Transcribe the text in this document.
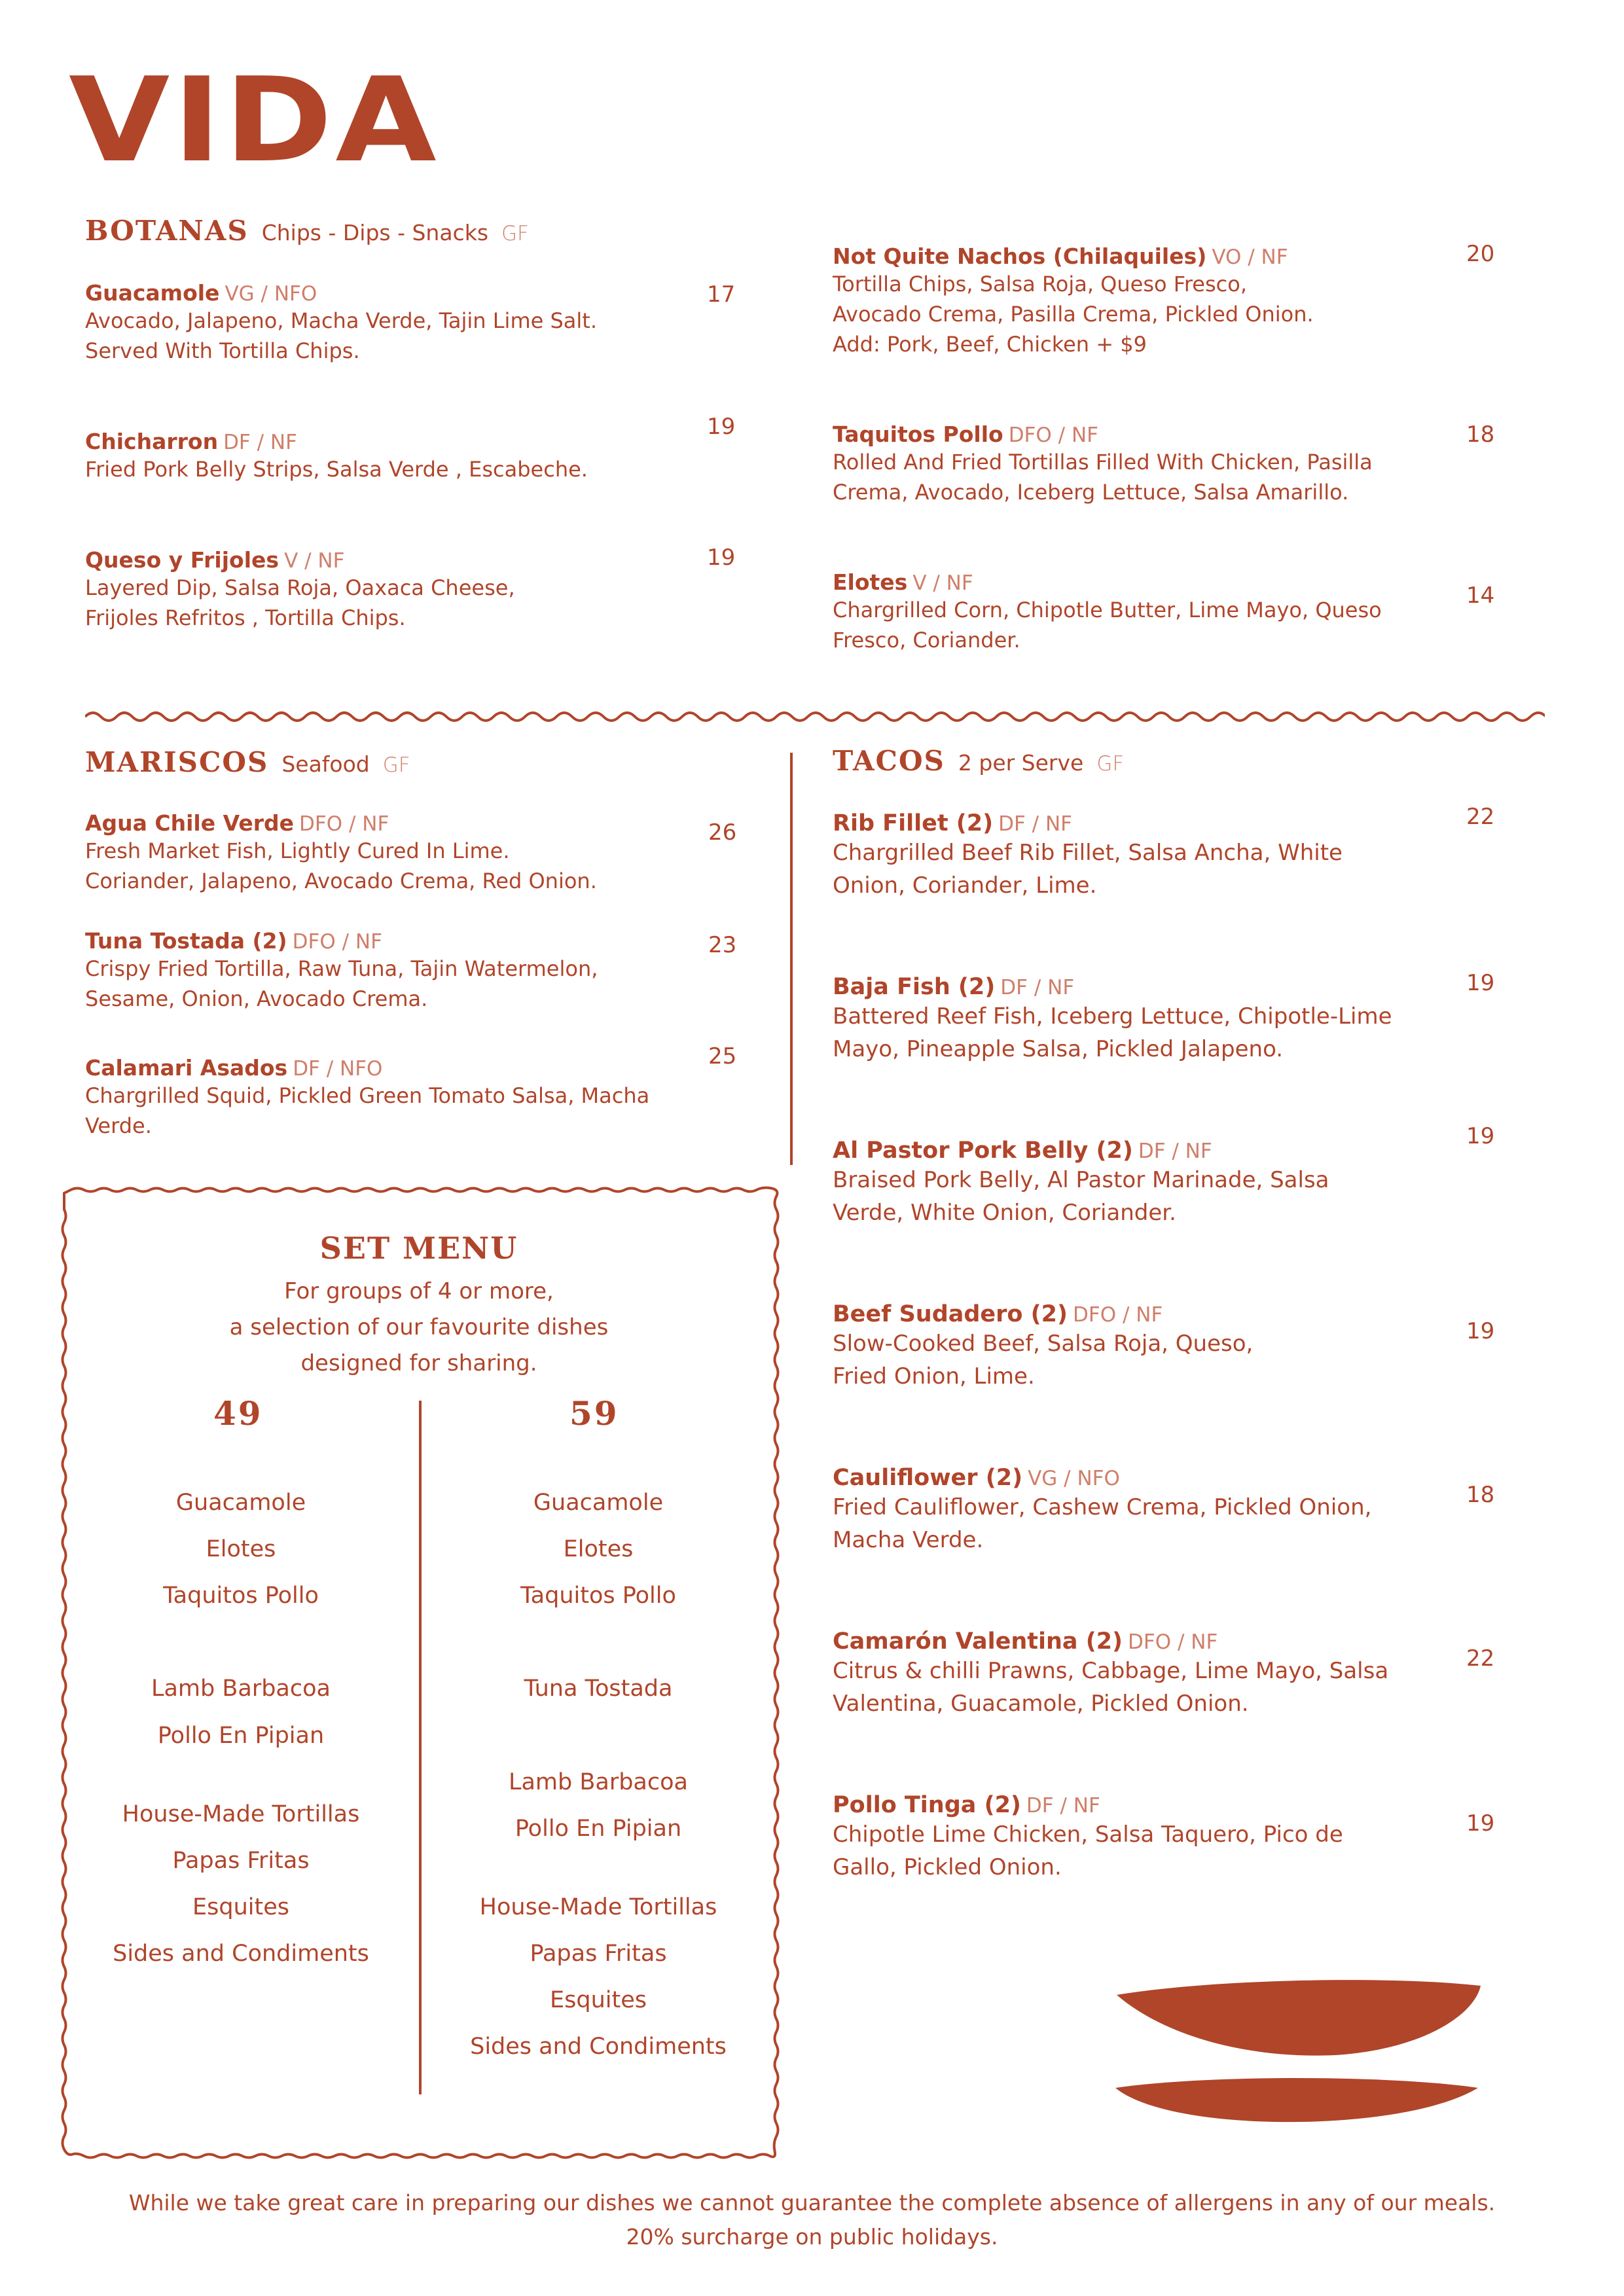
VIDA
BOTANAS Chips - Dips - Snacks GF
Guacamole VG / NFO
Avocado, Jalapeno, Macha Verde, Tajin Lime Salt.
Served With Tortilla Chips.
17
Chicharron DF / NF
Fried Pork Belly Strips, Salsa Verde , Escabeche.
19
Queso y Frijoles V / NF
Layered Dip, Salsa Roja, Oaxaca Cheese,
Frijoles Refritos , Tortilla Chips.
19
Not Quite Nachos (Chilaquiles) VO / NF
Tortilla Chips, Salsa Roja, Queso Fresco,
Avocado Crema, Pasilla Crema, Pickled Onion.
Add: Pork, Beef, Chicken + $9
20
Taquitos Pollo DFO / NF
Rolled And Fried Tortillas Filled With Chicken, Pasilla
Crema, Avocado, Iceberg Lettuce, Salsa Amarillo.
18
Elotes V / NF
Chargrilled Corn, Chipotle Butter, Lime Mayo, Queso
Fresco, Coriander.
14
MARISCOS Seafood GF
Agua Chile Verde DFO / NF
Fresh Market Fish, Lightly Cured In Lime.
Coriander, Jalapeno, Avocado Crema, Red Onion.
26
Tuna Tostada (2) DFO / NF
Crispy Fried Tortilla, Raw Tuna, Tajin Watermelon,
Sesame, Onion, Avocado Crema.
23
Calamari Asados DF / NFO
Chargrilled Squid, Pickled Green Tomato Salsa, Macha
Verde.
25
TACOS 2 per Serve GF
Rib Fillet (2) DF / NF
Chargrilled Beef Rib Fillet, Salsa Ancha, White
Onion, Coriander, Lime.
22
Baja Fish (2) DF / NF
Battered Reef Fish, Iceberg Lettuce, Chipotle-Lime
Mayo, Pineapple Salsa, Pickled Jalapeno.
19
Al Pastor Pork Belly (2) DF / NF
Braised Pork Belly, Al Pastor Marinade, Salsa
Verde, White Onion, Coriander.
19
Beef Sudadero (2) DFO / NF
Slow-Cooked Beef, Salsa Roja, Queso,
Fried Onion, Lime.
19
Cauliflower (2) VG / NFO
Fried Cauliflower, Cashew Crema, Pickled Onion,
Macha Verde.
18
Camarón Valentina (2) DFO / NF
Citrus & chilli Prawns, Cabbage, Lime Mayo, Salsa
Valentina, Guacamole, Pickled Onion.
22
Pollo Tinga (2) DF / NF
Chipotle Lime Chicken, Salsa Taquero, Pico de
Gallo, Pickled Onion.
19
SET MENU
For groups of 4 or more,
a selection of our favourite dishes
designed for sharing.
49	59
Guacamole
Elotes
Taquitos Pollo
Lamb Barbacoa
Pollo En Pipian
House-Made Tortillas
Papas Fritas
Esquites
Sides and Condiments
Guacamole
Elotes
Taquitos Pollo
Tuna Tostada
Lamb Barbacoa
Pollo En Pipian
House-Made Tortillas
Papas Fritas
Esquites
Sides and Condiments
While we take great care in preparing our dishes we cannot guarantee the complete absence of allergens in any of our meals.
20% surcharge on public holidays.
